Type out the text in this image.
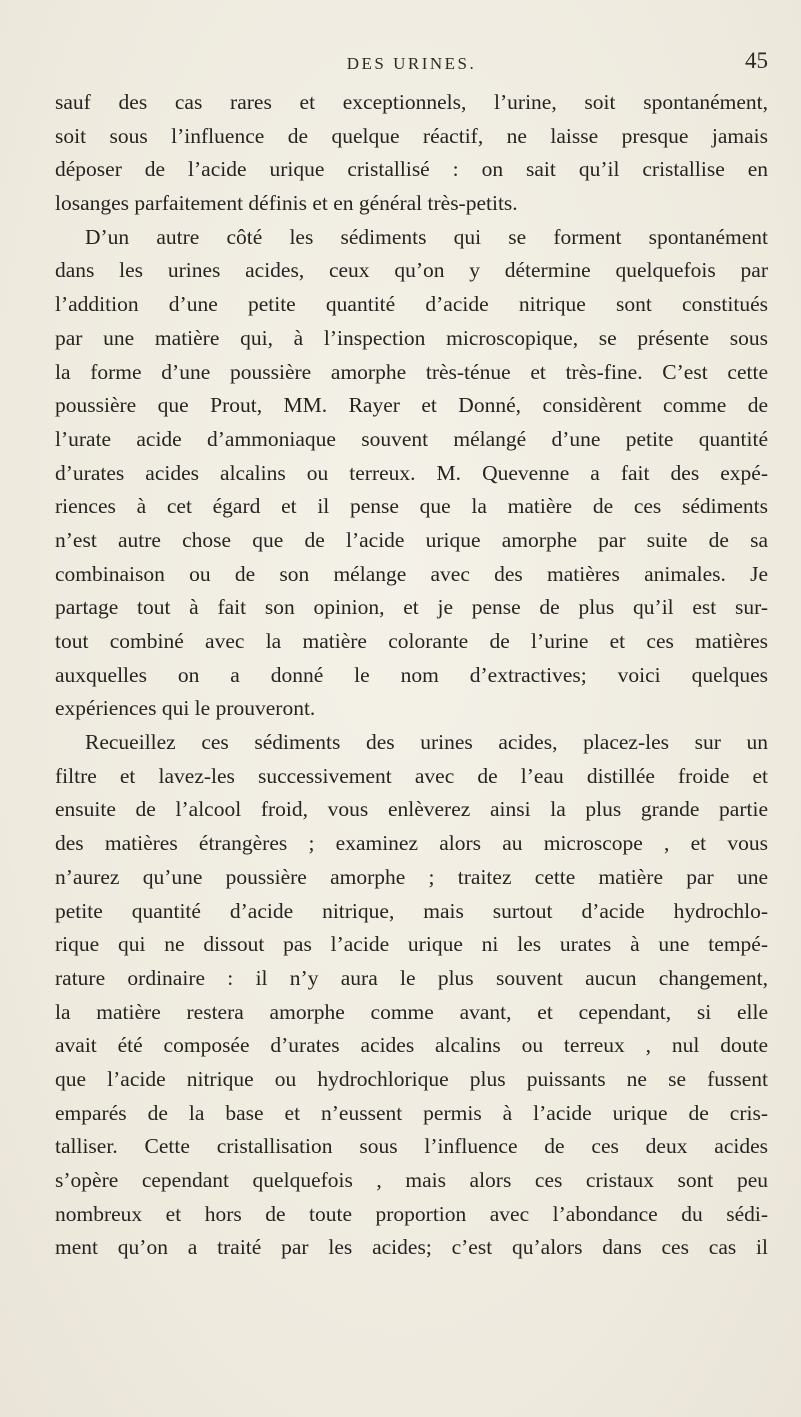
DES URINES.	45
sauf des cas rares et exceptionnels, l’urine, soit spontanément,
soit sous l’influence de quelque réactif, ne laisse presque jamais
déposer de l’acide urique cristallisé : on sait qu’il cristallise en
losanges parfaitement définis et en général très-petits.
D’un autre côté les sédiments qui se forment spontanément
dans les urines acides, ceux qu’on y détermine quelquefois par
l’addition d’une petite quantité d’acide nitrique sont constitués
par une matière qui, à l’inspection microscopique, se présente sous
la forme d’une poussière amorphe très-ténue et très-fine. C’est cette
poussière que Prout, MM. Rayer et Donné, considèrent comme de
l’urate acide d’ammoniaque souvent mélangé d’une petite quantité
d’urates acides alcalins ou terreux. M. Quevenne a fait des expé-
riences à cet égard et il pense que la matière de ces sédiments
n’est autre chose que de l’acide urique amorphe par suite de sa
combinaison ou de son mélange avec des matières animales. Je
partage tout à fait son opinion, et je pense de plus qu’il est sur-
tout combiné avec la matière colorante de l’urine et ces matières
auxquelles on a donné le nom d’extractives; voici quelques
expériences qui le prouveront.
Recueillez ces sédiments des urines acides, placez-les sur un
filtre et lavez-les successivement avec de l’eau distillée froide et
ensuite de l’alcool froid, vous enlèverez ainsi la plus grande partie
des matières étrangères ; examinez alors au microscope , et vous
n’aurez qu’une poussière amorphe ; traitez cette matière par une
petite quantité d’acide nitrique, mais surtout d’acide hydrochlo-
rique qui ne dissout pas l’acide urique ni les urates à une tempé-
rature ordinaire : il n’y aura le plus souvent aucun changement,
la matière restera amorphe comme avant, et cependant, si elle
avait été composée d’urates acides alcalins ou terreux , nul doute
que l’acide nitrique ou hydrochlorique plus puissants ne se fussent
emparés de la base et n’eussent permis à l’acide urique de cris-
talliser. Cette cristallisation sous l’influence de ces deux acides
s’opère cependant quelquefois , mais alors ces cristaux sont peu
nombreux et hors de toute proportion avec l’abondance du sédi-
ment qu’on a traité par les acides; c’est qu’alors dans ces cas il
